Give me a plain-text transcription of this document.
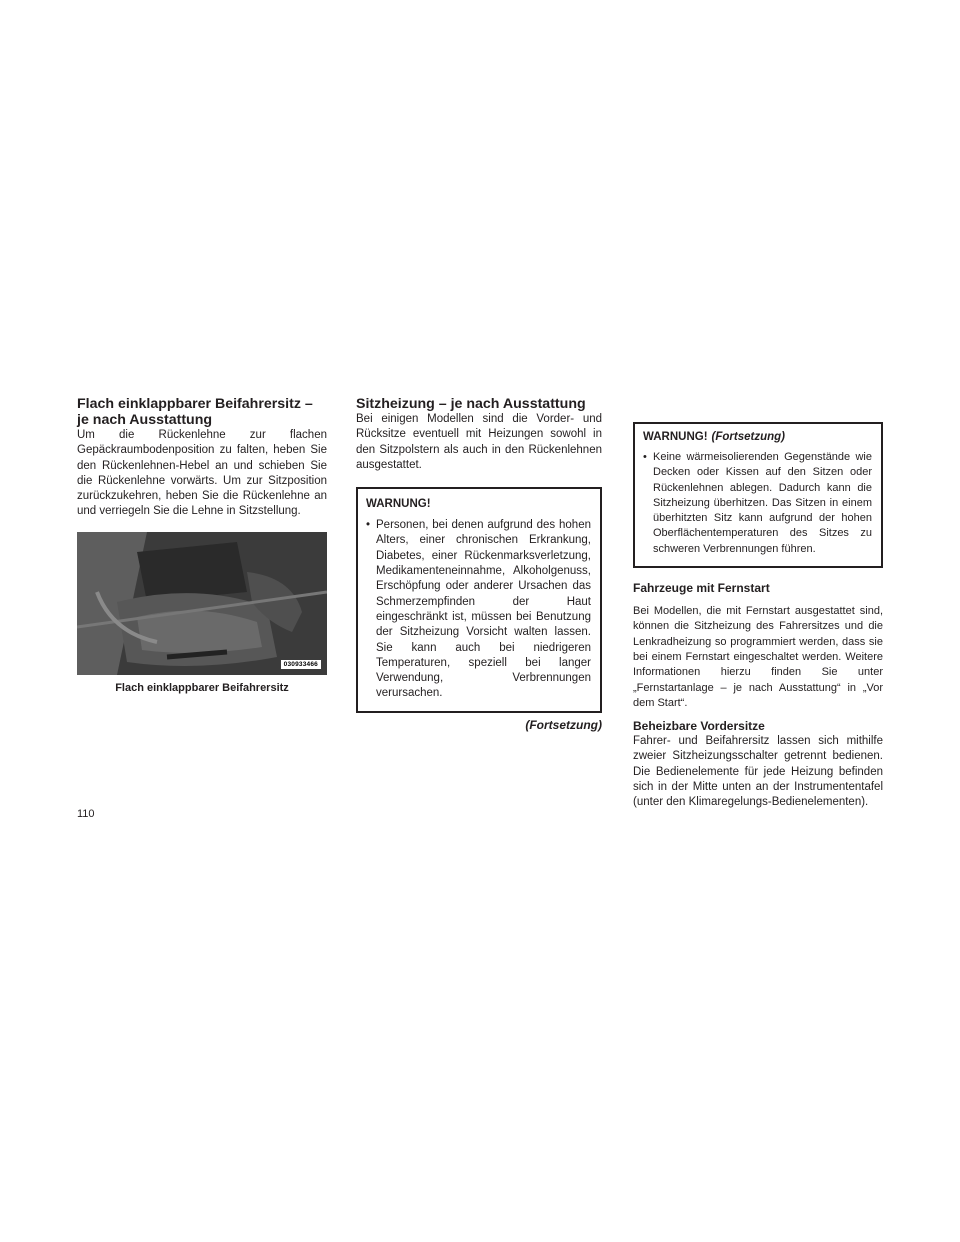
Flach einklappbarer Beifahrersitz – je nach Ausstattung

Um die Rückenlehne zur flachen Gepäckraumbodenposition zu falten, heben Sie den Rückenlehnen-Hebel an und schieben Sie die Rückenlehne vorwärts. Um zur Sitzposition zurückzukehren, heben Sie die Rückenlehne an und verriegeln Sie die Lehne in Sitzstellung.

030933466
Flach einklappbarer Beifahrersitz
Sitzheizung – je nach Ausstattung

Bei einigen Modellen sind die Vorder- und Rücksitze eventuell mit Heizungen sowohl in den Sitzpolstern als auch in den Rückenlehnen ausgestattet.

WARNUNG!
• Personen, bei denen aufgrund des hohen Alters, einer chronischen Erkrankung, Diabetes, einer Rückenmarksverletzung, Medikamenteneinnahme, Alkoholgenuss, Erschöpfung oder anderer Ursachen das Schmerzempfinden der Haut eingeschränkt ist, müssen bei Benutzung der Sitzheizung Vorsicht walten lassen. Sie kann auch bei niedrigeren Temperaturen, speziell bei langer Verwendung, Verbrennungen verursachen.
(Fortsetzung)
WARNUNG! (Fortsetzung)
• Keine wärmeisolierenden Gegenstände wie Decken oder Kissen auf den Sitzen oder Rückenlehnen ablegen. Dadurch kann die Sitzheizung überhitzen. Das Sitzen in einem überhitzten Sitz kann aufgrund der hohen Oberflächentemperaturen des Sitzes zu schweren Verbrennungen führen.
Fahrzeuge mit Fernstart

Bei Modellen, die mit Fernstart ausgestattet sind, können die Sitzheizung des Fahrersitzes und die Lenkradheizung so programmiert werden, dass sie bei einem Fernstart eingeschaltet werden. Weitere Informationen hierzu finden Sie unter „Fernstartanlage – je nach Ausstattung“ in „Vor dem Start“.

Beheizbare Vordersitze

Fahrer- und Beifahrersitz lassen sich mithilfe zweier Sitzheizungsschalter getrennt bedienen. Die Bedienelemente für jede Heizung befinden sich in der Mitte unten an der Instrumententafel (unter den Klimaregelungs-Bedienelementen).

110
